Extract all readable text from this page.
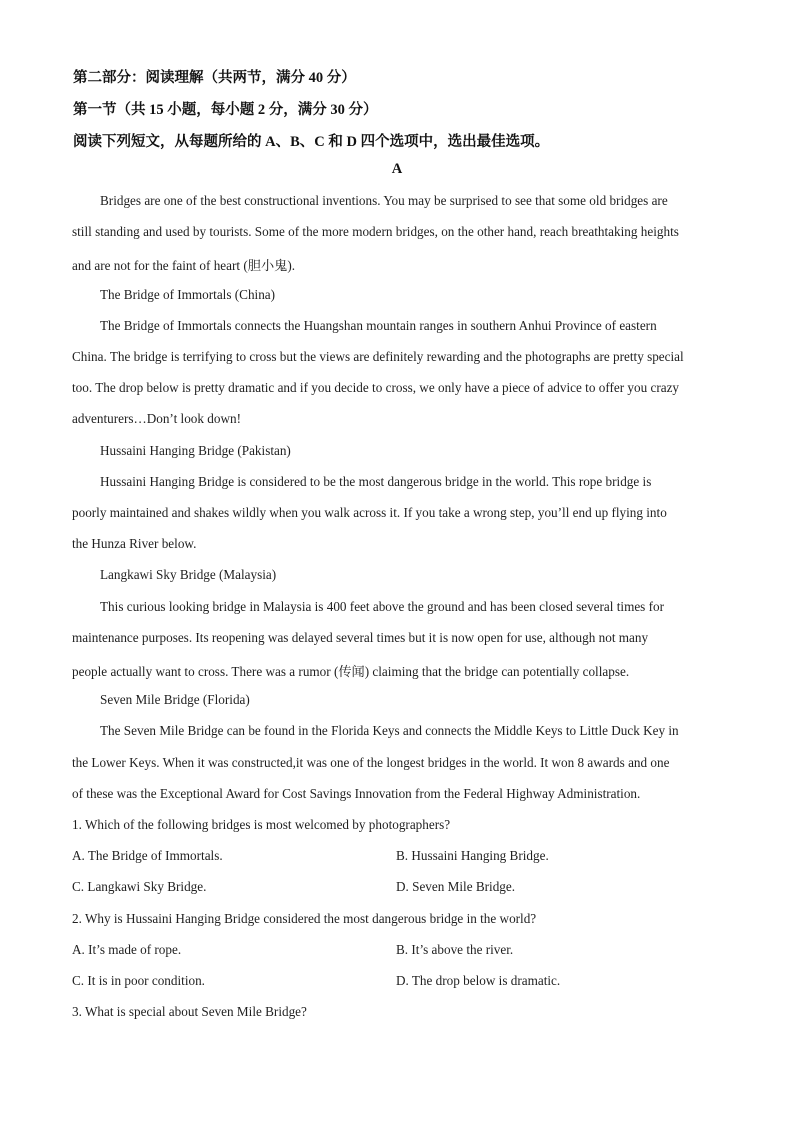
第二部分：阅读理解（共两节，满分 40 分）
第一节（共 15 小题，每小题 2 分，满分 30 分）
阅读下列短文，从每题所给的 A、B、C 和 D 四个选项中，选出最佳选项。
A
Bridges are one of the best constructional inventions. You may be surprised to see that some old bridges are
still standing and used by tourists. Some of the more modern bridges, on the other hand, reach breathtaking heights
and are not for the faint of heart (胆小鬼).
The Bridge of Immortals (China)
The Bridge of Immortals connects the Huangshan mountain ranges in southern Anhui Province of eastern
China. The bridge is terrifying to cross but the views are definitely rewarding and the photographs are pretty special
too. The drop below is pretty dramatic and if you decide to cross, we only have a piece of advice to offer you crazy
adventurers…Don’t look down!
Hussaini Hanging Bridge (Pakistan)
Hussaini Hanging Bridge is considered to be the most dangerous bridge in the world. This rope bridge is
poorly maintained and shakes wildly when you walk across it. If you take a wrong step, you’ll end up flying into
the Hunza River below.
Langkawi Sky Bridge (Malaysia)
This curious looking bridge in Malaysia is 400 feet above the ground and has been closed several times for
maintenance purposes. Its reopening was delayed several times but it is now open for use, although not many
people actually want to cross. There was a rumor (传闻) claiming that the bridge can potentially collapse.
Seven Mile Bridge (Florida)
The Seven Mile Bridge can be found in the Florida Keys and connects the Middle Keys to Little Duck Key in
the Lower Keys. When it was constructed,it was one of the longest bridges in the world. It won 8 awards and one
of these was the Exceptional Award for Cost Savings Innovation from the Federal Highway Administration.
1. Which of the following bridges is most welcomed by photographers?
A. The Bridge of Immortals.	B. Hussaini Hanging Bridge.
C. Langkawi Sky Bridge.	D. Seven Mile Bridge.
2. Why is Hussaini Hanging Bridge considered the most dangerous bridge in the world?
A. It’s made of rope.	B. It’s above the river.
C. It is in poor condition.	D. The drop below is dramatic.
3. What is special about Seven Mile Bridge?
